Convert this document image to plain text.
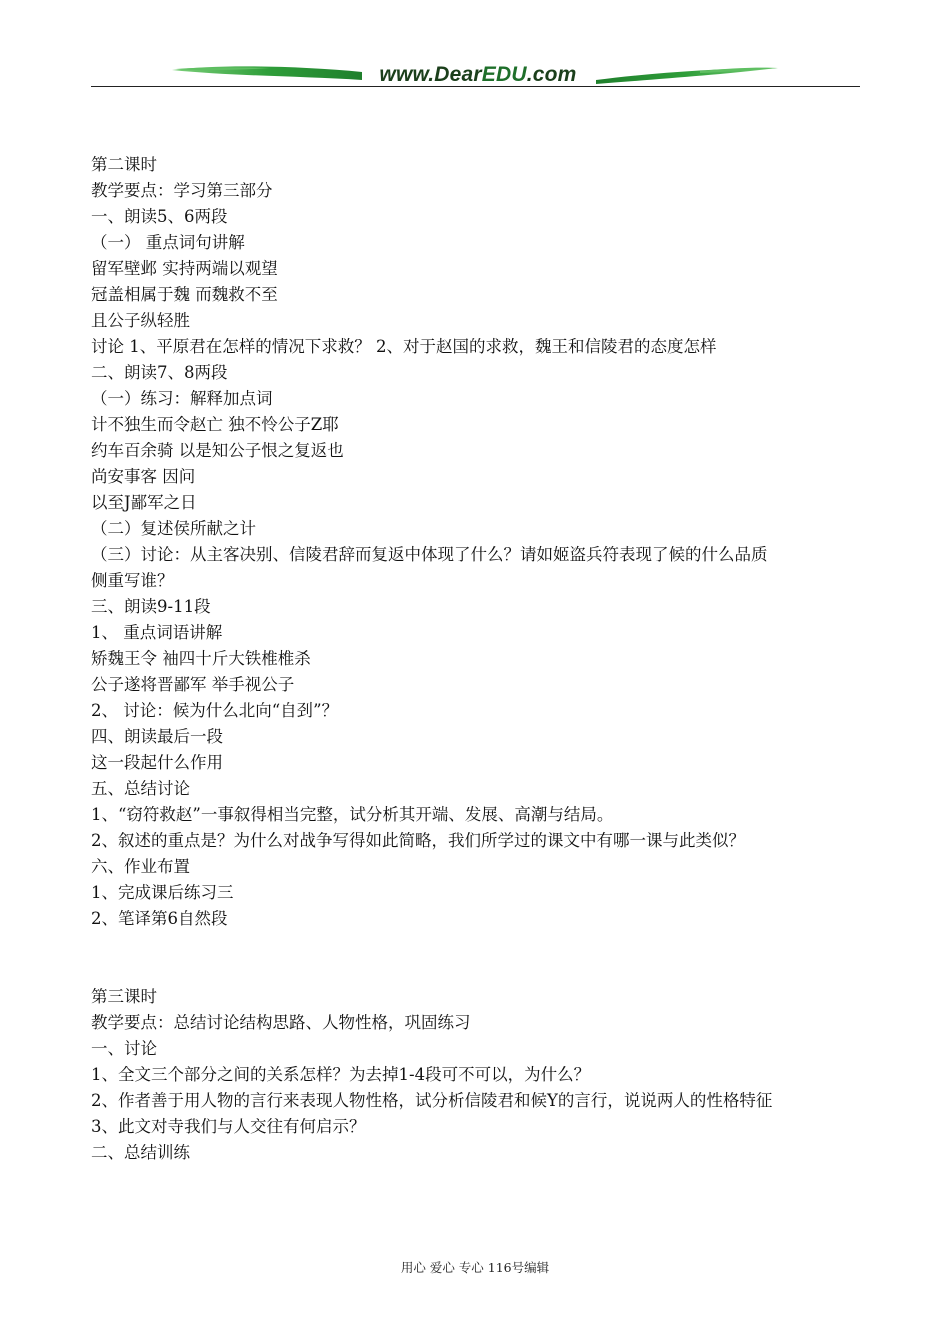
www.DearEDU.com
第二课时
教学要点：学习第三部分
一、朗读5、6两段
（一） 重点词句讲解
留军壁邺 实持两端以观望
冠盖相属于魏 而魏救不至
且公子纵轻胜
讨论 1、平原君在怎样的情况下求救？ 2、对于赵国的求救，魏王和信陵君的态度怎样
二、朗读7、8两段
（一）练习：解释加点词
计不独生而令赵亡 独不怜公子Z耶
约车百余骑 以是知公子恨之复返也
尚安事客 因问
以至J鄙军之日
（二）复述侯所献之计
（三）讨论：从主客决别、信陵君辞而复返中体现了什么？请如姬盗兵符表现了候的什么品质
侧重写谁？
三、朗读9-11段
1、 重点词语讲解
矫魏王令 袖四十斤大铁椎椎杀
公子遂将晋鄙军 举手视公子
2、 讨论：候为什么北向“自刭”？
四、朗读最后一段
这一段起什么作用
五、总结讨论
1、“窃符救赵”一事叙得相当完整，试分析其开端、发展、高潮与结局。
2、叙述的重点是？为什么对战争写得如此简略，我们所学过的课文中有哪一课与此类似？
六、作业布置
1、完成课后练习三
2、笔译第6自然段
第三课时
教学要点：总结讨论结构思路、人物性格，巩固练习
一、讨论
1、全文三个部分之间的关系怎样？为去掉1-4段可不可以，为什么？
2、作者善于用人物的言行来表现人物性格，试分析信陵君和候Y的言行，说说两人的性格特征
3、此文对寺我们与人交往有何启示？
二、总结训练
用心 爱心 专心 116号编辑
